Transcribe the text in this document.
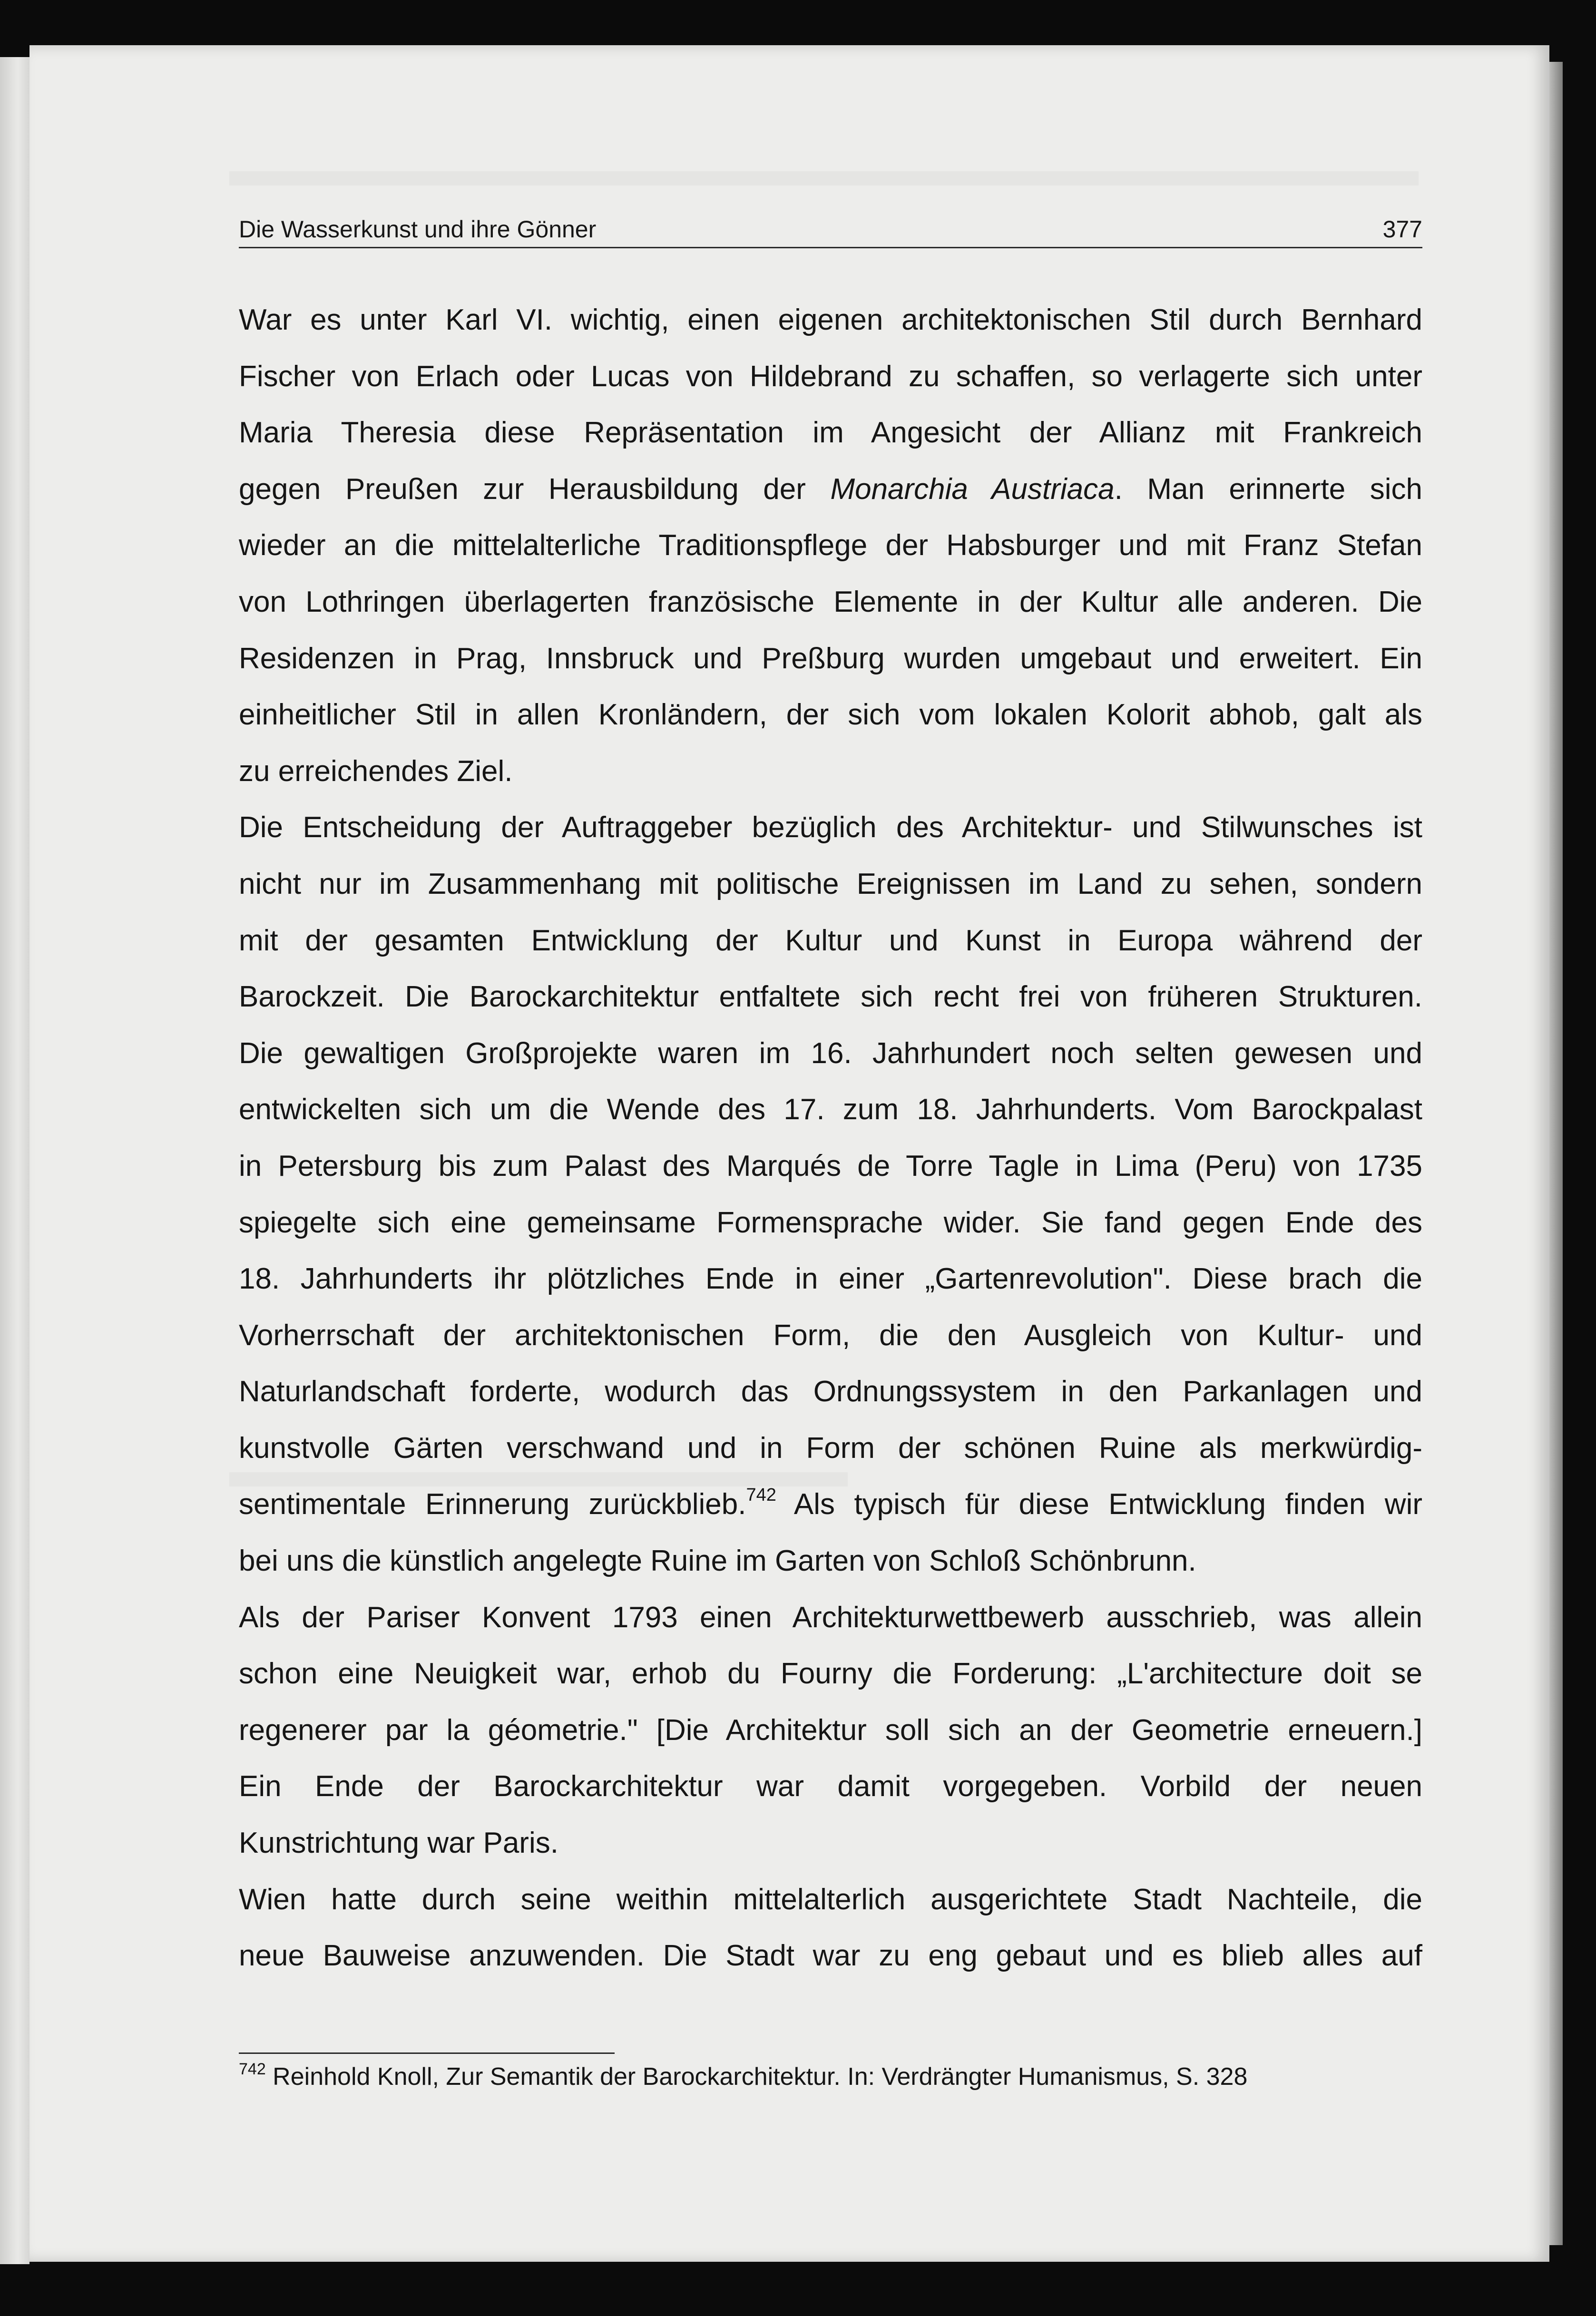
Die Wasserkunst und ihre Gönner	377
War es unter Karl VI. wichtig, einen eigenen architektonischen Stil durch Bernhard
Fischer von Erlach oder Lucas von Hildebrand zu schaffen, so verlagerte sich unter
Maria Theresia diese Repräsentation im Angesicht der Allianz mit Frankreich
gegen Preußen zur Herausbildung der Monarchia Austriaca. Man erinnerte sich
wieder an die mittelalterliche Traditionspflege der Habsburger und mit Franz Stefan
von Lothringen überlagerten französische Elemente in der Kultur alle anderen. Die
Residenzen in Prag, Innsbruck und Preßburg wurden umgebaut und erweitert. Ein
einheitlicher Stil in allen Kronländern, der sich vom lokalen Kolorit abhob, galt als
zu erreichendes Ziel.
Die Entscheidung der Auftraggeber bezüglich des Architektur- und Stilwunsches ist
nicht nur im Zusammenhang mit politische Ereignissen im Land zu sehen, sondern
mit der gesamten Entwicklung der Kultur und Kunst in Europa während der
Barockzeit. Die Barockarchitektur entfaltete sich recht frei von früheren Strukturen.
Die gewaltigen Großprojekte waren im 16. Jahrhundert noch selten gewesen und
entwickelten sich um die Wende des 17. zum 18. Jahrhunderts. Vom Barockpalast
in Petersburg bis zum Palast des Marqués de Torre Tagle in Lima (Peru) von 1735
spiegelte sich eine gemeinsame Formensprache wider. Sie fand gegen Ende des
18. Jahrhunderts ihr plötzliches Ende in einer „Gartenrevolution". Diese brach die
Vorherrschaft der architektonischen Form, die den Ausgleich von Kultur- und
Naturlandschaft forderte, wodurch das Ordnungssystem in den Parkanlagen und
kunstvolle Gärten verschwand und in Form der schönen Ruine als merkwürdig-
sentimentale Erinnerung zurückblieb.$^{742}$ Als typisch für diese Entwicklung finden wir
bei uns die künstlich angelegte Ruine im Garten von Schloß Schönbrunn.
Als der Pariser Konvent 1793 einen Architekturwettbewerb ausschrieb, was allein
schon eine Neuigkeit war, erhob du Fourny die Forderung: „L'architecture doit se
regenerer par la géometrie." [Die Architektur soll sich an der Geometrie erneuern.]
Ein Ende der Barockarchitektur war damit vorgegeben. Vorbild der neuen
Kunstrichtung war Paris.
Wien hatte durch seine weithin mittelalterlich ausgerichtete Stadt Nachteile, die
neue Bauweise anzuwenden. Die Stadt war zu eng gebaut und es blieb alles auf
$^{742}$ Reinhold Knoll, Zur Semantik der Barockarchitektur. In: Verdrängter Humanismus, S. 328
